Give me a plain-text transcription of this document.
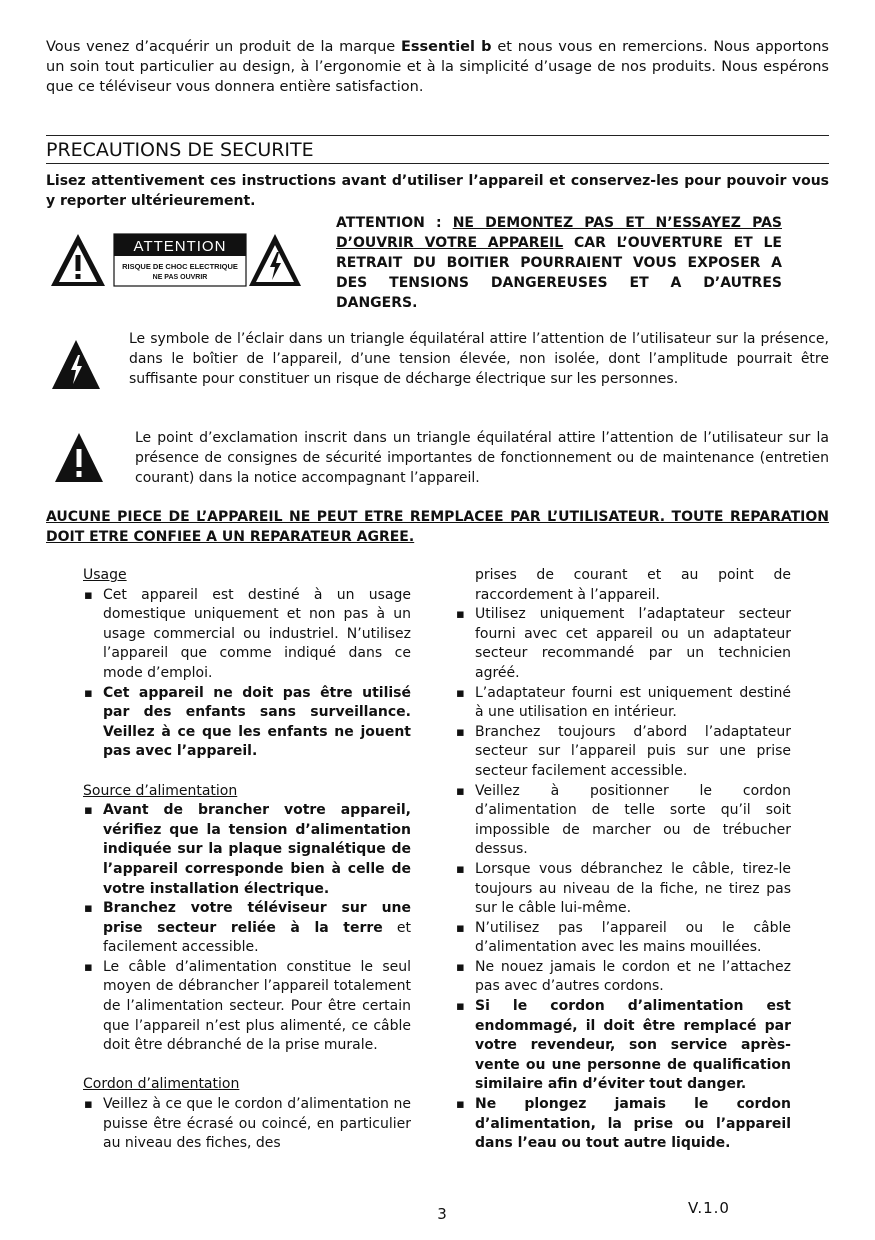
Vous venez d’acquérir un produit de la marque Essentiel b et nous vous en remercions. Nous apportons un soin tout particulier au design, à l’ergonomie et à la simplicité d’usage de nos produits. Nous espérons que ce téléviseur vous donnera entière satisfaction.

PRECAUTIONS DE SECURITE

Lisez attentivement ces instructions avant d’utiliser l’appareil et conservez-les pour pouvoir vous y reporter ultérieurement.

ATTENTION
RISQUE DE CHOC ELECTRIQUE
NE PAS OUVRIR

ATTENTION : NE DEMONTEZ PAS ET N’ESSAYEZ PAS D’OUVRIR VOTRE APPAREIL CAR L’OUVERTURE ET LE RETRAIT DU BOITIER POURRAIENT VOUS EXPOSER A DES TENSIONS DANGEREUSES ET A D’AUTRES DANGERS.

Le symbole de l’éclair dans un triangle équilatéral attire l’attention de l’utilisateur sur la présence, dans le boîtier de l’appareil, d’une tension élevée, non isolée, dont l’amplitude pourrait être suffisante pour constituer un risque de décharge électrique sur les personnes.

Le point d’exclamation inscrit dans un triangle équilatéral attire l’attention de l’utilisateur sur la présence de consignes de sécurité importantes de fonctionnement ou de maintenance (entretien courant) dans la notice accompagnant l’appareil.

AUCUNE PIECE DE L’APPAREIL NE PEUT ETRE REMPLACEE PAR L’UTILISATEUR. TOUTE REPARATION DOIT ETRE CONFIEE A UN REPARATEUR AGREE.

Usage
▪ Cet appareil est destiné à un usage domestique uniquement et non pas à un usage commercial ou industriel. N’utilisez l’appareil que comme indiqué dans ce mode d’emploi.
▪ Cet appareil ne doit pas être utilisé par des enfants sans surveillance. Veillez à ce que les enfants ne jouent pas avec l’appareil.
Source d’alimentation
▪ Avant de brancher votre appareil, vérifiez que la tension d’alimentation indiquée sur la plaque signalétique de l’appareil corresponde bien à celle de votre installation électrique.
▪ Branchez votre téléviseur sur une prise secteur reliée à la terre et facilement accessible.
▪ Le câble d’alimentation constitue le seul moyen de débrancher l’appareil totalement de l’alimentation secteur. Pour être certain que l’appareil n’est plus alimenté, ce câble doit être débranché de la prise murale.
Cordon d’alimentation
▪ Veillez à ce que le cordon d’alimentation ne puisse être écrasé ou coincé, en particulier au niveau des fiches, des

prises de courant et au point de raccordement à l’appareil.

▪ Utilisez uniquement l’adaptateur secteur fourni avec cet appareil ou un adaptateur secteur recommandé par un technicien agréé.
▪ L’adaptateur fourni est uniquement destiné à une utilisation en intérieur.
▪ Branchez toujours d’abord l’adaptateur secteur sur l’appareil puis sur une prise secteur facilement accessible.
▪ Veillez à positionner le cordon d’alimentation de telle sorte qu’il soit impossible de marcher ou de trébucher dessus.
▪ Lorsque vous débranchez le câble, tirez-le toujours au niveau de la fiche, ne tirez pas sur le câble lui-même.
▪ N’utilisez pas l’appareil ou le câble d’alimentation avec les mains mouillées.
▪ Ne nouez jamais le cordon et ne l’attachez pas avec d’autres cordons.
▪ Si le cordon d’alimentation est endommagé, il doit être remplacé par votre revendeur, son service après-vente ou une personne de qualification similaire afin d’éviter tout danger.
▪ Ne plongez jamais le cordon d’alimentation, la prise ou l’appareil dans l’eau ou tout autre liquide.
3	V.1.0
